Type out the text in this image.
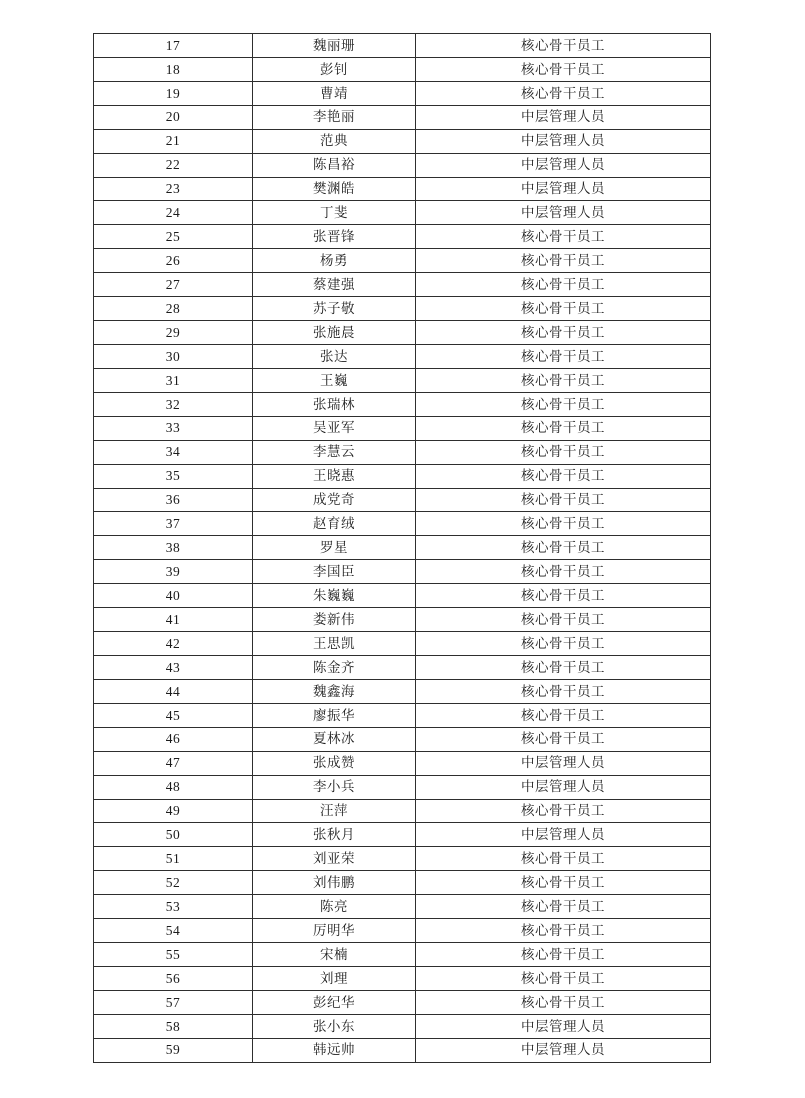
17	魏丽珊	核心骨干员工
18	彭钊	核心骨干员工
19	曹靖	核心骨干员工
20	李艳丽	中层管理人员
21	范典	中层管理人员
22	陈昌裕	中层管理人员
23	樊渊皓	中层管理人员
24	丁斐	中层管理人员
25	张晋锋	核心骨干员工
26	杨勇	核心骨干员工
27	蔡建强	核心骨干员工
28	苏子敬	核心骨干员工
29	张施晨	核心骨干员工
30	张达	核心骨干员工
31	王巍	核心骨干员工
32	张瑞林	核心骨干员工
33	吴亚军	核心骨干员工
34	李慧云	核心骨干员工
35	王晓惠	核心骨干员工
36	成党奇	核心骨干员工
37	赵育绒	核心骨干员工
38	罗星	核心骨干员工
39	李国臣	核心骨干员工
40	朱巍巍	核心骨干员工
41	娄新伟	核心骨干员工
42	王思凯	核心骨干员工
43	陈金齐	核心骨干员工
44	魏鑫海	核心骨干员工
45	廖振华	核心骨干员工
46	夏林冰	核心骨干员工
47	张成赞	中层管理人员
48	李小兵	中层管理人员
49	汪萍	核心骨干员工
50	张秋月	中层管理人员
51	刘亚荣	核心骨干员工
52	刘伟鹏	核心骨干员工
53	陈亮	核心骨干员工
54	厉明华	核心骨干员工
55	宋楠	核心骨干员工
56	刘理	核心骨干员工
57	彭纪华	核心骨干员工
58	张小东	中层管理人员
59	韩远帅	中层管理人员
